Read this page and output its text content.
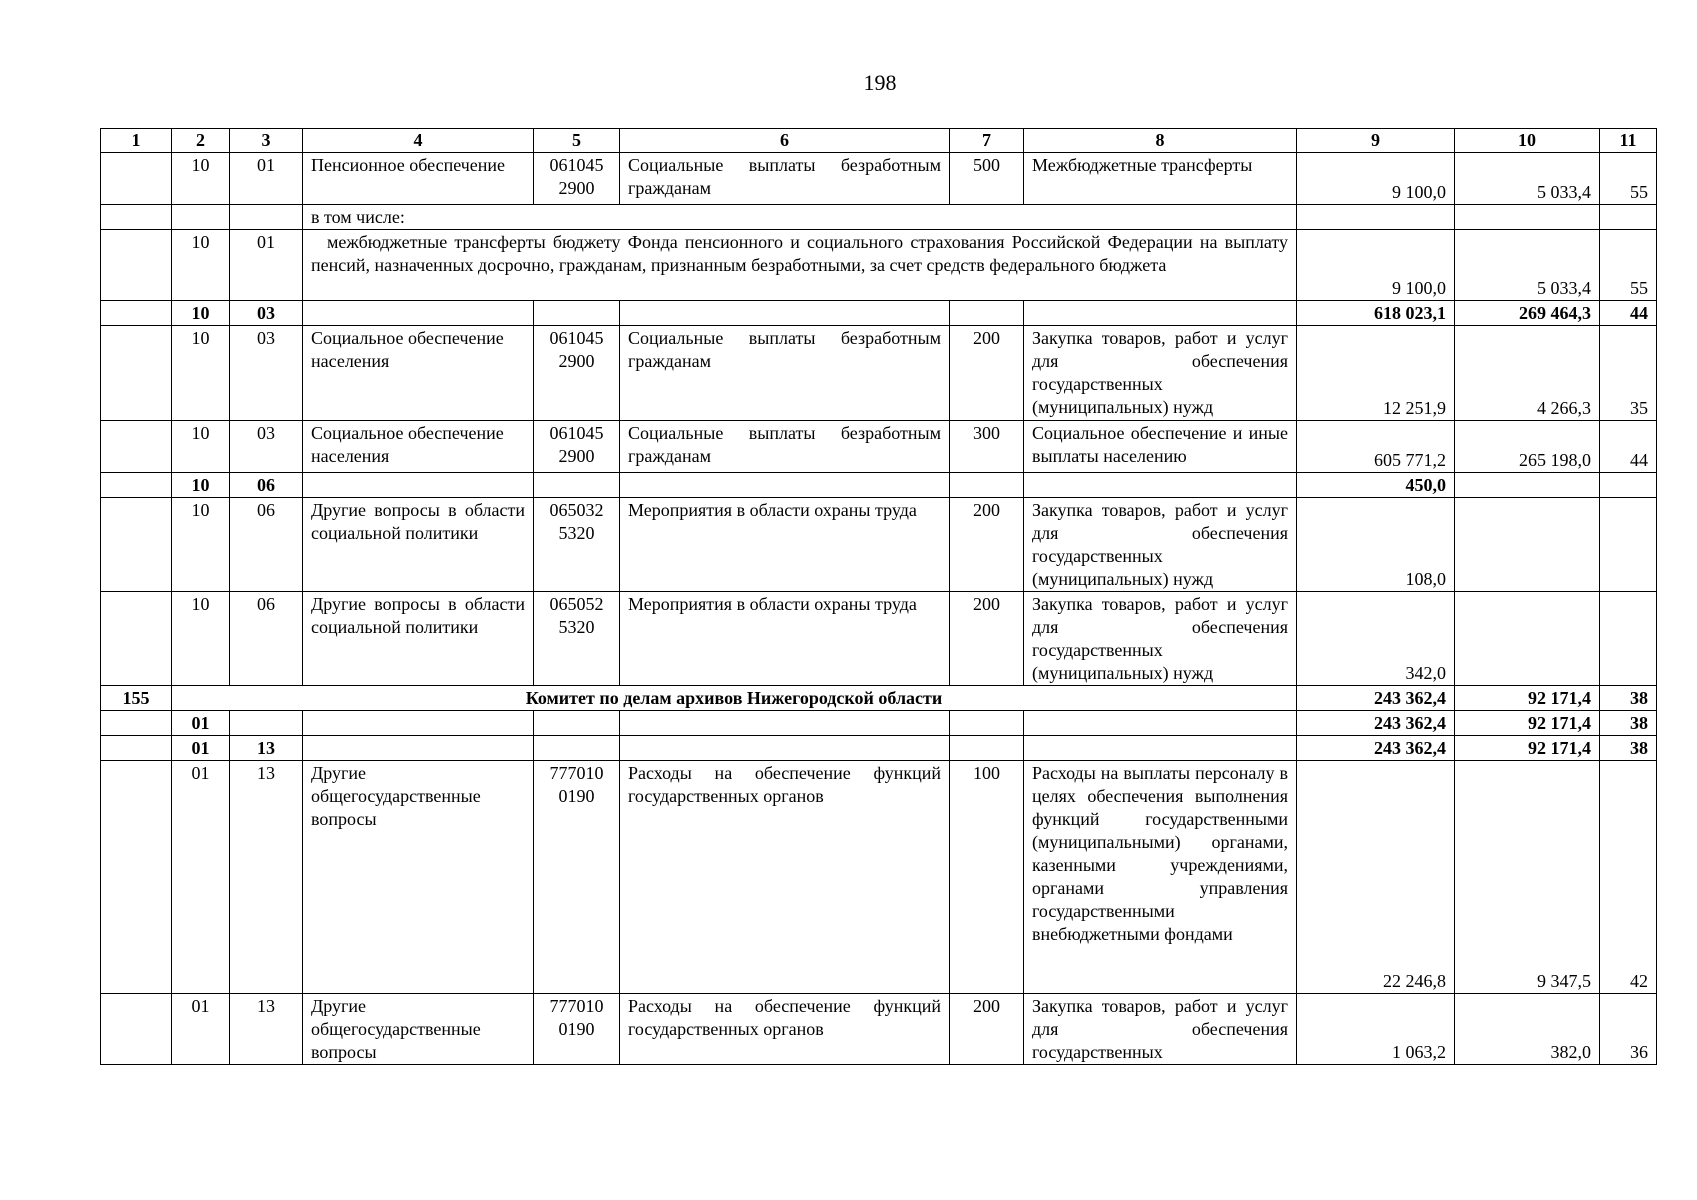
198
1	2	3	4	5	6	7	8	9	10	11
	10	01	Пенсионное обеспечение	061045 2900	Социальные выплаты безработным гражданам	500	Межбюджетные трансферты	9 100,0	5 033,4	55
			в том числе:							
	10	01	межбюджетные трансферты бюджету Фонда пенсионного и социального страхования Российской Федерации на выплату пенсий, назначенных досрочно, гражданам, признанным безработными, за счет средств федерального бюджета					9 100,0	5 033,4	55
	10	03						618 023,1	269 464,3	44
	10	03	Социальное обеспечение населения	061045 2900	Социальные выплаты безработным гражданам	200	Закупка товаров, работ и услуг для обеспечения государственных (муниципальных) нужд	12 251,9	4 266,3	35
	10	03	Социальное обеспечение населения	061045 2900	Социальные выплаты безработным гражданам	300	Социальное обеспечение и иные выплаты населению	605 771,2	265 198,0	44
	10	06						450,0		
	10	06	Другие вопросы в области социальной политики	065032 5320	Мероприятия в области охраны труда	200	Закупка товаров, работ и услуг для обеспечения государственных (муниципальных) нужд	108,0		
	10	06	Другие вопросы в области социальной политики	065052 5320	Мероприятия в области охраны труда	200	Закупка товаров, работ и услуг для обеспечения государственных (муниципальных) нужд	342,0		
155	Комитет по делам архивов Нижегородской области							243 362,4	92 171,4	38
	01							243 362,4	92 171,4	38
	01	13						243 362,4	92 171,4	38
	01	13	Другие общегосударственные вопросы	777010 0190	Расходы на обеспечение функций государственных органов	100	Расходы на выплаты персоналу в целях обеспечения выполнения функций государственными (муниципальными) органами, казенными учреждениями, органами управления государственными внебюджетными фондами	22 246,8	9 347,5	42
	01	13	Другие общегосударственные вопросы	777010 0190	Расходы на обеспечение функций государственных органов	200	Закупка товаров, работ и услуг для обеспечения государственных	1 063,2	382,0	36
